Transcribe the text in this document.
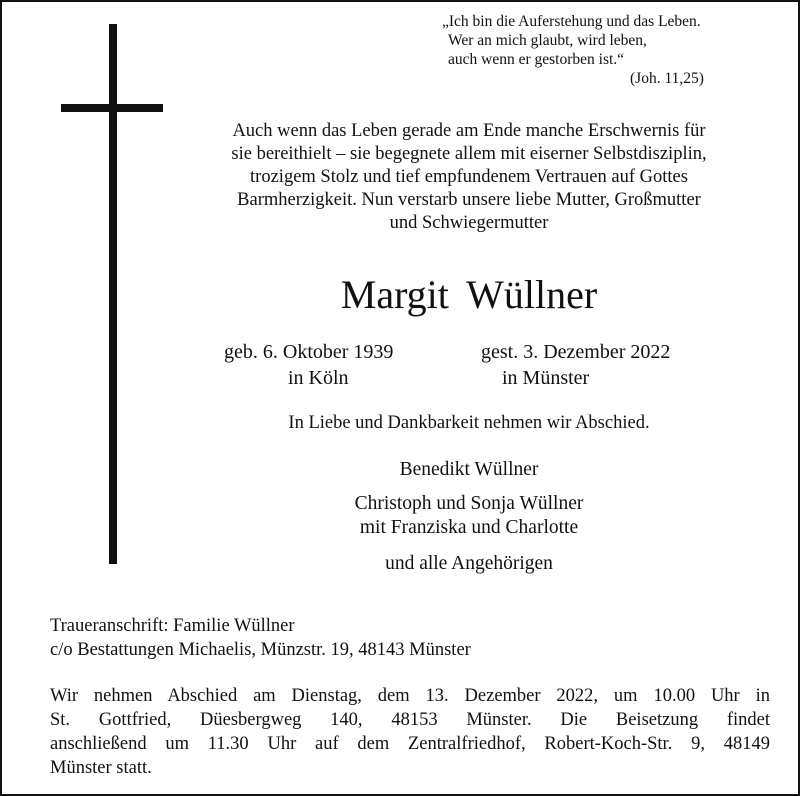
„Ich bin die Auferstehung und das Leben.
Wer an mich glaubt, wird leben,
auch wenn er gestorben ist.“
(Joh. 11,25)
Auch wenn das Leben gerade am Ende manche Erschwernis für
sie bereithielt – sie begegnete allem mit eiserner Selbstdisziplin,
trozigem Stolz und tief empfundenem Vertrauen auf Gottes
Barmherzigkeit. Nun verstarb unsere liebe Mutter, Großmutter
und Schwiegermutter
Margit Wüllner
geb. 6. Oktober 1939
in Köln
gest. 3. Dezember 2022
in Münster
In Liebe und Dankbarkeit nehmen wir Abschied.
Benedikt Wüllner
Christoph und Sonja Wüllner
mit Franziska und Charlotte
und alle Angehörigen
Traueranschrift: Familie Wüllner
c/o Bestattungen Michaelis, Münzstr. 19, 48143 Münster
Wir nehmen Abschied am Dienstag, dem 13. Dezember 2022, um 10.00 Uhr in
St. Gottfried, Düesbergweg 140, 48153 Münster. Die Beisetzung findet
anschließend um 11.30 Uhr auf dem Zentralfriedhof, Robert-Koch-Str. 9, 48149
Münster statt.
